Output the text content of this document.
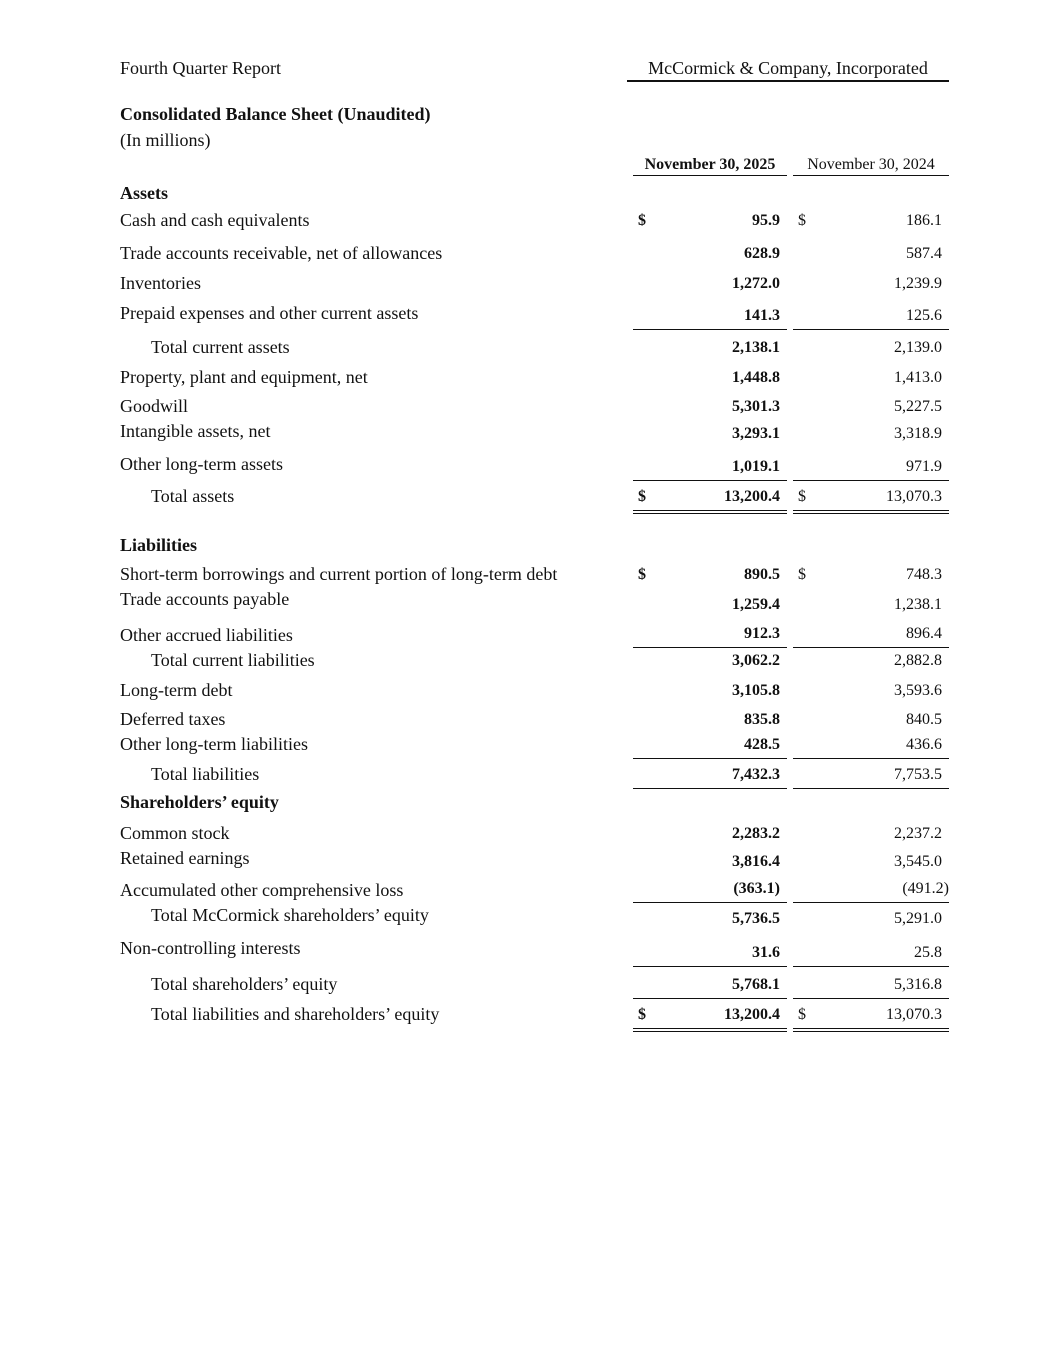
Fourth Quarter Report	McCormick & Company, Incorporated
Consolidated Balance Sheet (Unaudited)
(In millions)
November 30, 2025	November 30, 2024
Assets
Cash and cash equivalents	$	95.9 $	186.1
Trade accounts receivable, net of allowances	628.9	587.4
Inventories	1,272.0	1,239.9
Prepaid expenses and other current assets	141.3	125.6
Total current assets	2,138.1	2,139.0
Property, plant and equipment, net	1,448.8	1,413.0
Goodwill	5,301.3	5,227.5
Intangible assets, net	3,293.1	3,318.9
Other long-term assets	1,019.1	971.9
Total assets	$	13,200.4 $	13,070.3
Liabilities
Short-term borrowings and current portion of long-term debt	$	890.5 $	748.3
Trade accounts payable	1,259.4	1,238.1
Other accrued liabilities	912.3	896.4
Total current liabilities	3,062.2	2,882.8
Long-term debt	3,105.8	3,593.6
Deferred taxes	835.8	840.5
Other long-term liabilities	428.5	436.6
Total liabilities	7,432.3	7,753.5
Shareholders’ equity
Common stock	2,283.2	2,237.2
Retained earnings	3,816.4	3,545.0
Accumulated other comprehensive loss	(363.1)	(491.2)
Total McCormick shareholders’ equity	5,736.5	5,291.0
Non-controlling interests	31.6	25.8
Total shareholders’ equity	5,768.1	5,316.8
Total liabilities and shareholders’ equity	$	13,200.4 $	13,070.3
